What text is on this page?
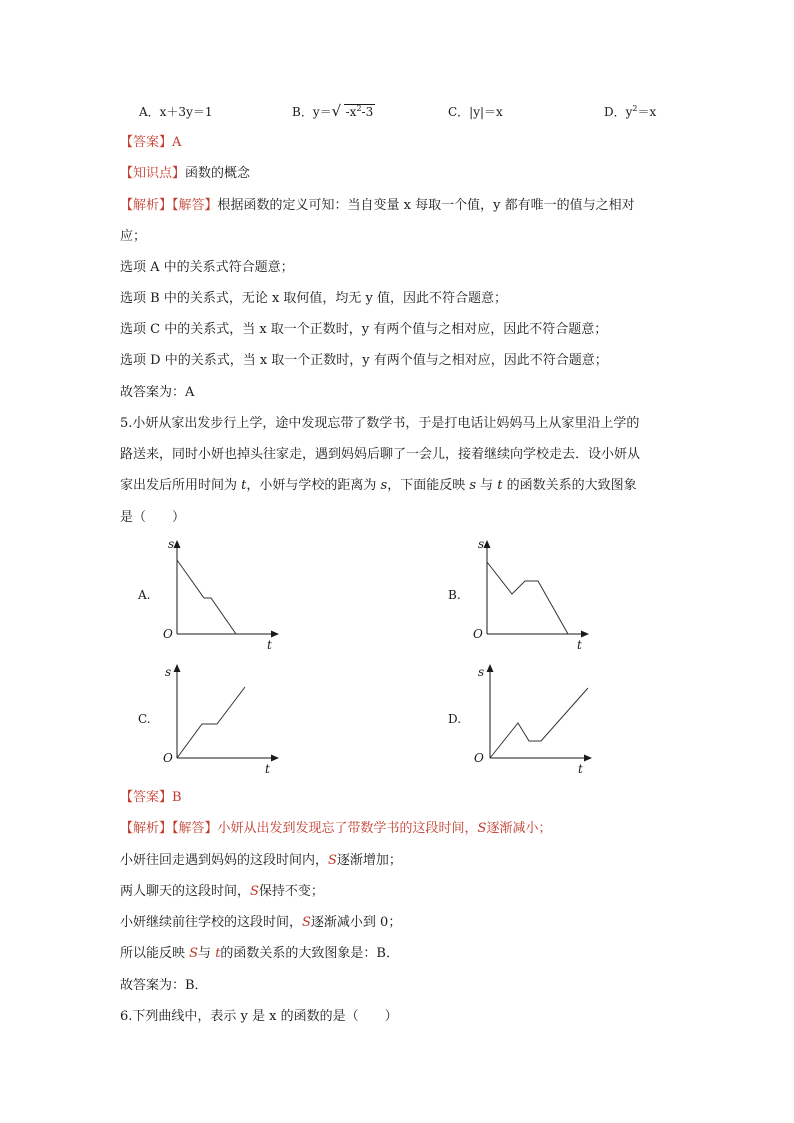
A．x＋3y＝1	B．y＝ √ $-x^2-3$	C．|y|＝x	D．$y^2=x$
【答案】A
【知识点】函数的概念
【解析】【解答】根据函数的定义可知：当自变量 x 每取一个值，y 都有唯一的值与之相对
应；
选项 A 中的关系式符合题意；
选项 B 中的关系式，无论 x 取何值，均无 y 值，因此不符合题意；
选项 C 中的关系式，当 x 取一个正数时，y 有两个值与之相对应，因此不符合题意；
选项 D 中的关系式，当 x 取一个正数时，y 有两个值与之相对应，因此不符合题意；
故答案为：A
5.小妍从家出发步行上学，途中发现忘带了数学书，于是打电话让妈妈马上从家里沿上学的
路送来，同时小妍也掉头往家走，遇到妈妈后聊了一会儿，接着继续向学校走去．设小妍从
家出发后所用时间为 t，小妍与学校的距离为 s，下面能反映 s 与 t 的函数关系的大致图象
是（　　）
A.
s
O
t
B.
s
O
t
C.
s
O
t
D.
s
O
t
【答案】B
【解析】【解答】小妍从出发到发现忘了带数学书的这段时间，S逐渐减小；
小妍往回走遇到妈妈的这段时间内，S逐渐增加；
两人聊天的这段时间，S保持不变；
小妍继续前往学校的这段时间，S逐渐减小到 0；
所以能反映 S与 t的函数关系的大致图象是：B．
故答案为：B．
6.下列曲线中，表示 y 是 x 的函数的是（　　）
